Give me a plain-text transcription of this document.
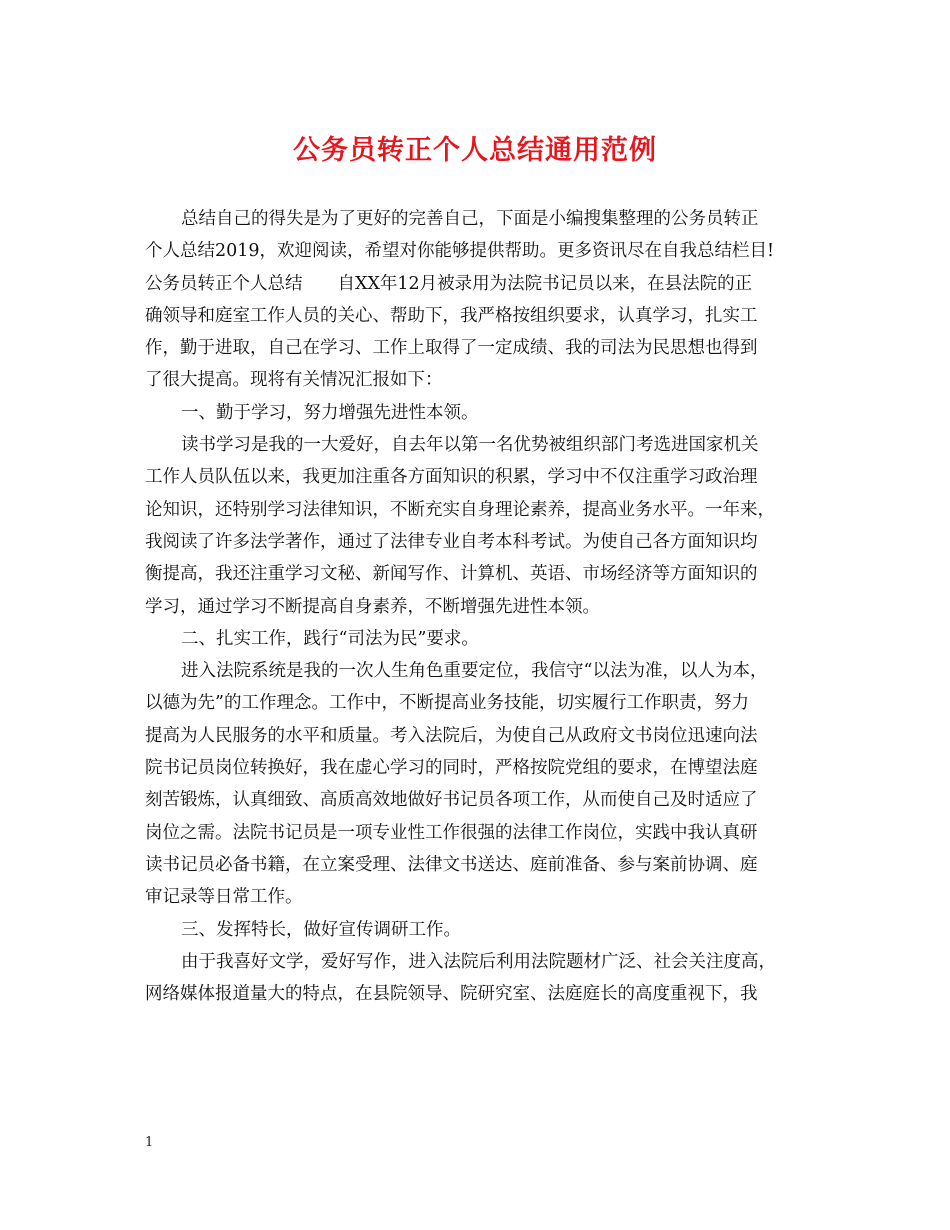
公务员转正个人总结通用范例
总结自己的得失是为了更好的完善自己，下面是小编搜集整理的公务员转正
个人总结2019，欢迎阅读，希望对你能够提供帮助。更多资讯尽在自我总结栏目!
公务员转正个人总结　　自XX年12月被录用为法院书记员以来，在县法院的正
确领导和庭室工作人员的关心、帮助下，我严格按组织要求，认真学习，扎实工
作，勤于进取，自己在学习、工作上取得了一定成绩、我的司法为民思想也得到
了很大提高。现将有关情况汇报如下：
一、勤于学习，努力增强先进性本领。
读书学习是我的一大爱好，自去年以第一名优势被组织部门考选进国家机关
工作人员队伍以来，我更加注重各方面知识的积累，学习中不仅注重学习政治理
论知识，还特别学习法律知识，不断充实自身理论素养，提高业务水平。一年来，
我阅读了许多法学著作，通过了法律专业自考本科考试。为使自己各方面知识均
衡提高，我还注重学习文秘、新闻写作、计算机、英语、市场经济等方面知识的
学习，通过学习不断提高自身素养，不断增强先进性本领。
二、扎实工作，践行“司法为民”要求。
进入法院系统是我的一次人生角色重要定位，我信守“以法为准，以人为本，
以德为先”的工作理念。工作中，不断提高业务技能，切实履行工作职责，努力
提高为人民服务的水平和质量。考入法院后，为使自己从政府文书岗位迅速向法
院书记员岗位转换好，我在虚心学习的同时，严格按院党组的要求，在博望法庭
刻苦锻炼，认真细致、高质高效地做好书记员各项工作，从而使自己及时适应了
岗位之需。法院书记员是一项专业性工作很强的法律工作岗位，实践中我认真研
读书记员必备书籍，在立案受理、法律文书送达、庭前准备、参与案前协调、庭
审记录等日常工作。
三、发挥特长，做好宣传调研工作。
由于我喜好文学，爱好写作，进入法院后利用法院题材广泛、社会关注度高，
网络媒体报道量大的特点，在县院领导、院研究室、法庭庭长的高度重视下，我
1
